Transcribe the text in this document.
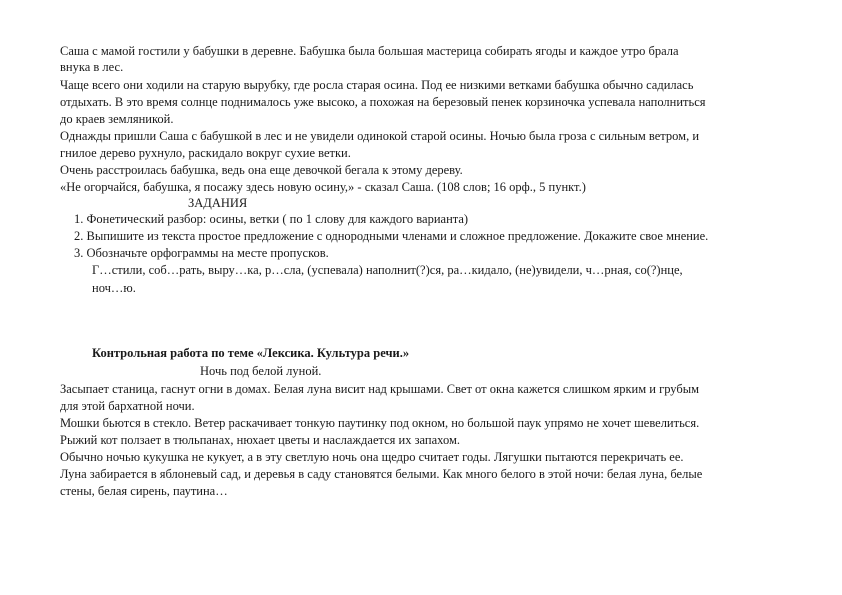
Саша с мамой гостили у бабушки в деревне. Бабушка была большая мастерица собирать ягоды и каждое утро брала
внука в лес.
Чаще всего они ходили на старую вырубку, где росла старая осина. Под ее низкими ветками бабушка обычно садилась
отдыхать. В это время солнце поднималось уже высоко, а похожая на березовый пенек корзиночка успевала наполниться
до краев земляникой.
Однажды пришли Саша с бабушкой в лес и не увидели одинокой старой осины. Ночью была гроза с сильным ветром, и
гнилое дерево рухнуло, раскидало вокруг сухие ветки.
Очень расстроилась бабушка, ведь она еще девочкой бегала к этому дереву.
«Не огорчайся, бабушка, я посажу здесь новую осину,» - сказал Саша. (108 слов; 16 орф., 5 пункт.)
ЗАДАНИЯ
1. Фонетический разбор: осины, ветки ( по 1 слову для каждого варианта)
2. Выпишите из текста простое предложение с однородными членами и сложное предложение. Докажите свое мнение.
3. Обозначьте орфограммы на месте пропусков.
Г…стили, соб…рать, выру…ка, р…сла, (успевала) наполнит(?)ся, ра…кидало, (не)увидели, ч…рная, со(?)нце,
ноч…ю.
Контрольная работа по теме «Лексика. Культура речи.»
Ночь под белой луной.
Засыпает станица, гаснут огни в домах. Белая луна висит над крышами. Свет от окна кажется слишком ярким и грубым
для этой бархатной ночи.
Мошки бьются в стекло. Ветер раскачивает тонкую паутинку под окном, но большой паук упрямо не хочет шевелиться.
Рыжий кот ползает в тюльпанах, нюхает цветы и наслаждается их запахом.
Обычно ночью кукушка не кукует, а в эту светлую ночь она щедро считает годы. Лягушки пытаются перекричать ее.
Луна забирается в яблоневый сад, и деревья в саду становятся белыми. Как много белого в этой ночи: белая луна, белые
стены, белая сирень, паутина…
